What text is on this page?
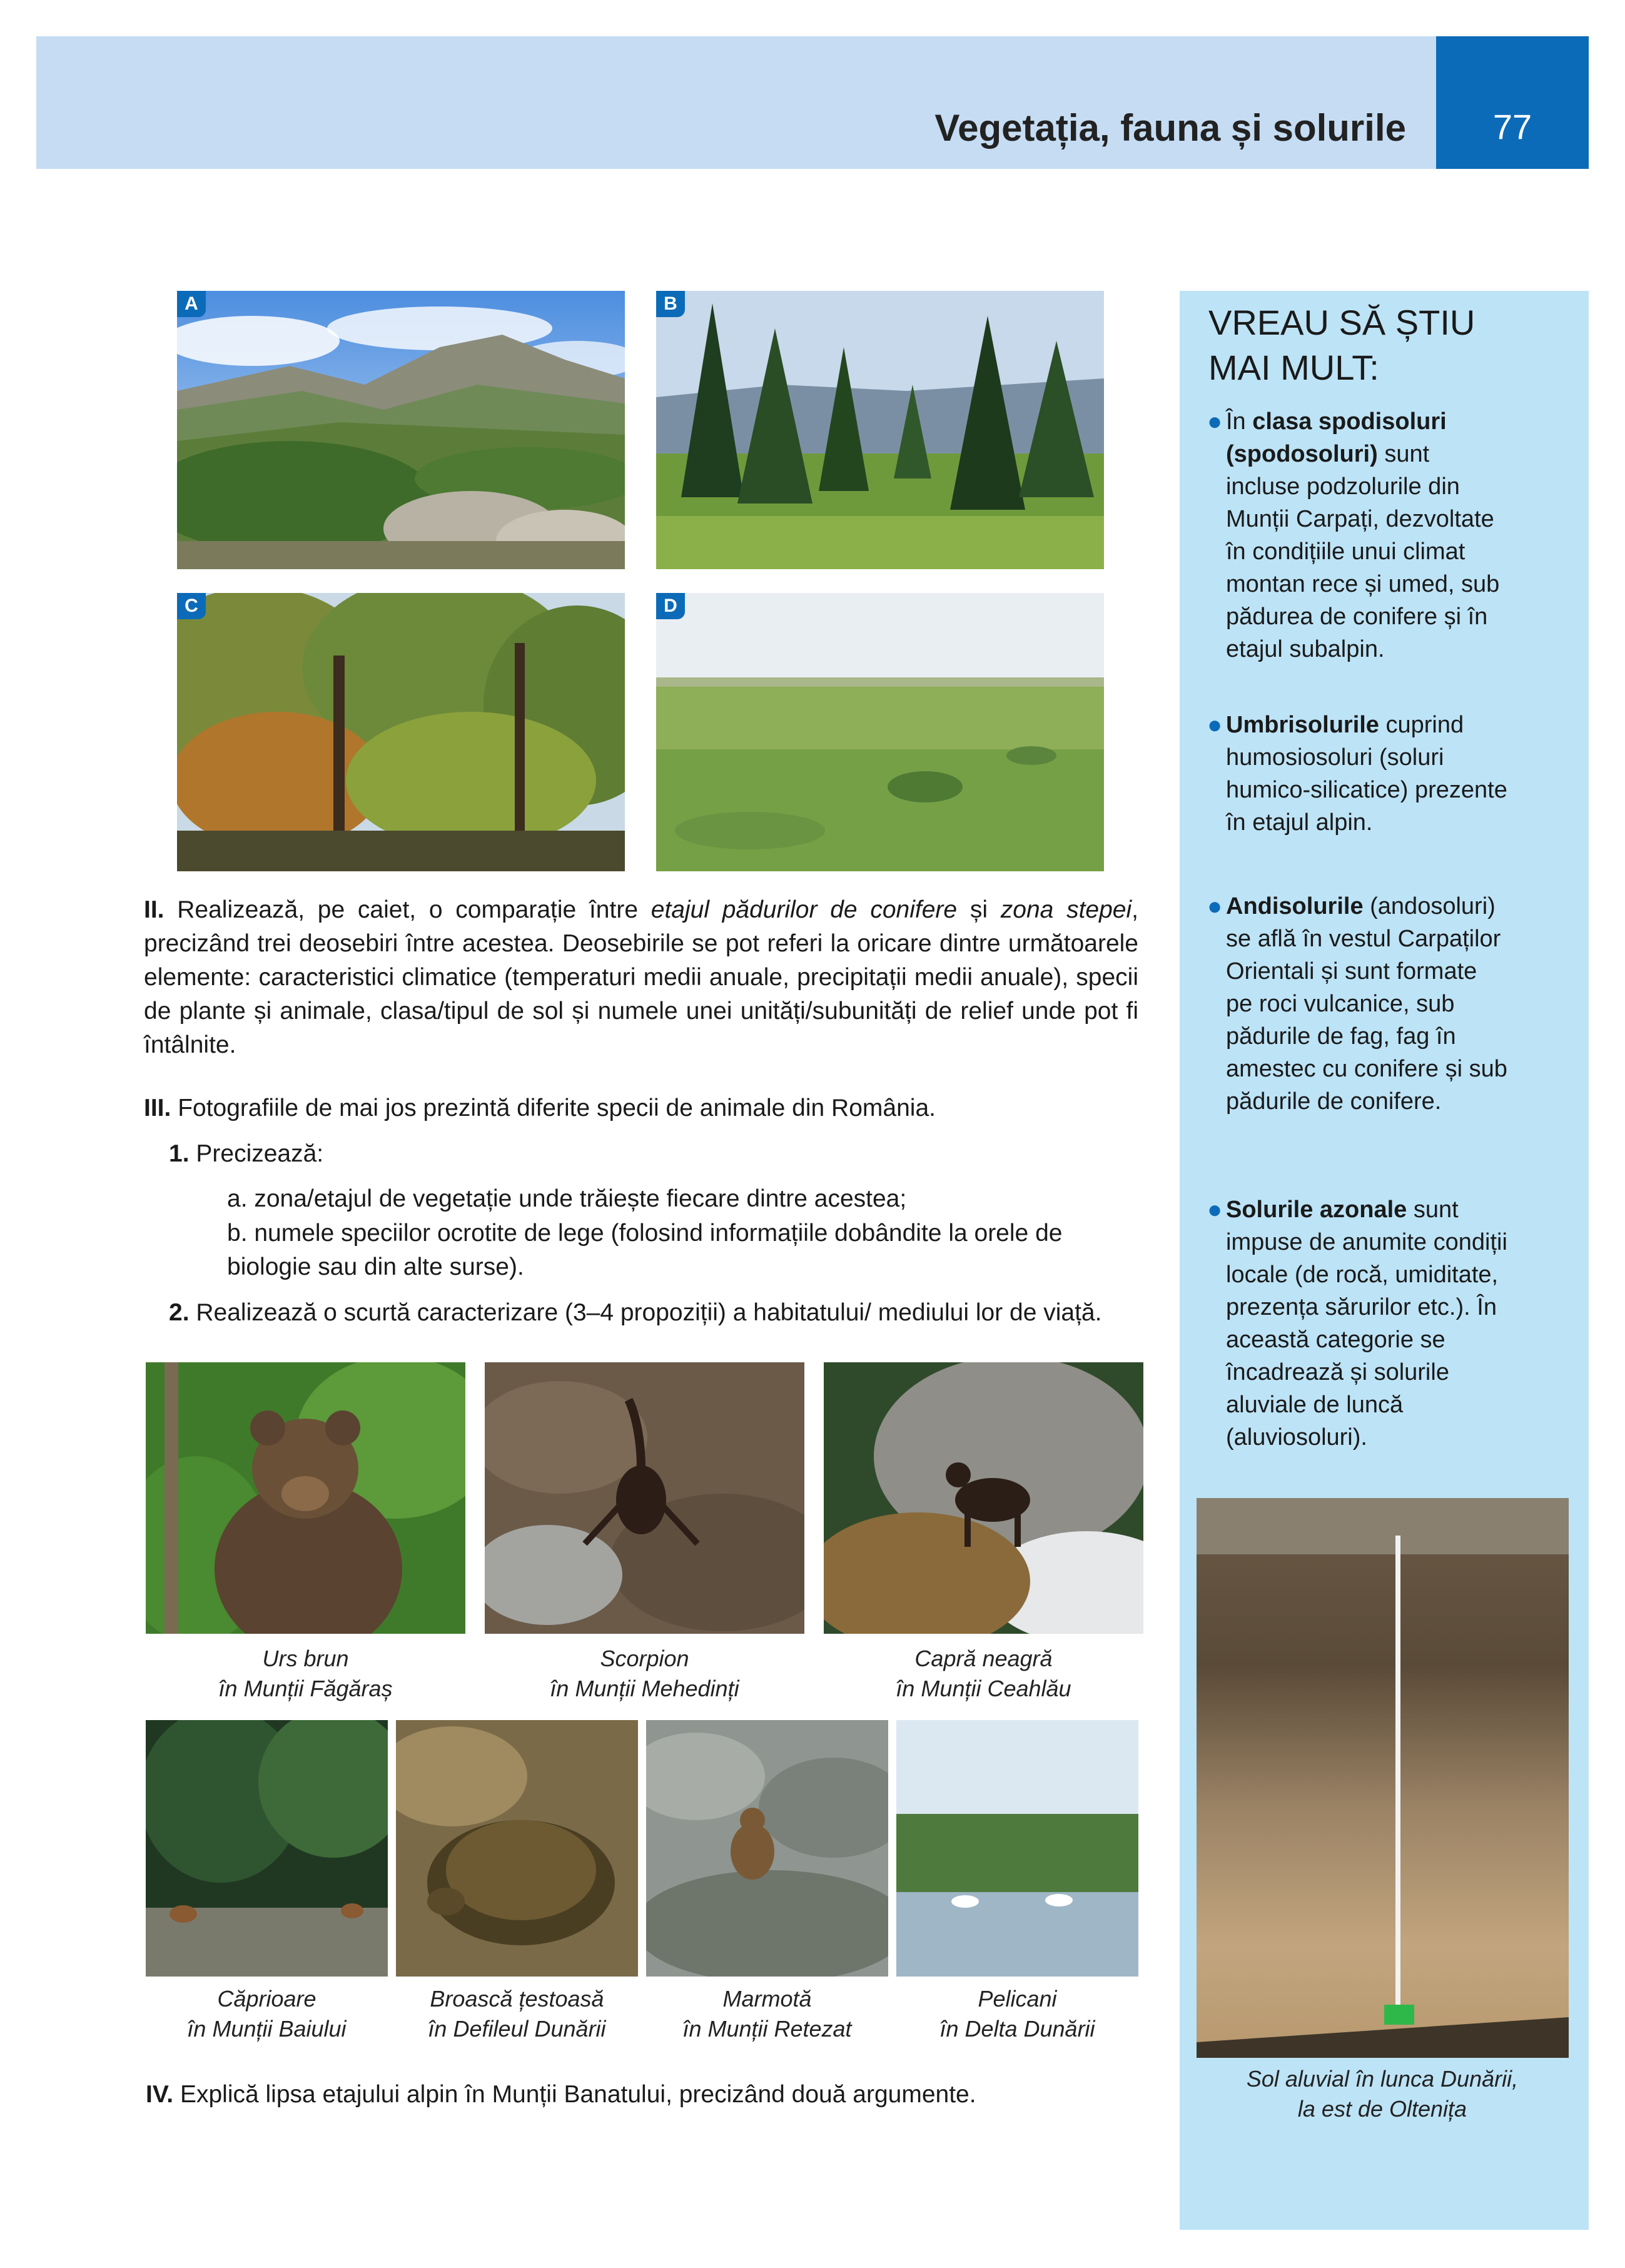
Vegetația, fauna și solurile	77
A	B
C	D
II. Realizează, pe caiet, o comparație între etajul pădurilor de conifere și zona stepei, precizând trei deosebiri între acestea. Deosebirile se pot referi la oricare dintre următoarele elemente: caracteristici climatice (temperaturi medii anuale, precipitații medii anuale), specii de plante și animale, clasa/tipul de sol și numele unei unități/subunități de relief unde pot fi întâlnite.
III. Fotografiile de mai jos prezintă diferite specii de animale din România.
1. Precizează:
a. zona/etajul de vegetație unde trăiește fiecare dintre acestea;
b. numele speciilor ocrotite de lege (folosind informațiile dobândite la orele de biologie sau din alte surse).
2. Realizează o scurtă caracterizare (3–4 propoziții) a habitatului/ mediului lor de viață.
Urs brun
în Munții Făgăraș
Scorpion
în Munții Mehedinți
Capră neagră
în Munții Ceahlău
Căprioare
în Munții Baiului
Broască țestoasă
în Defileul Dunării
Marmotă
în Munții Retezat
Pelicani
în Delta Dunării
IV. Explică lipsa etajului alpin în Munții Banatului, precizând două argumente.
VREAU SĂ ȘTIU
MAI MULT:
● În clasa spodisoluri (spodosoluri) sunt incluse podzolurile din Munții Carpați, dezvoltate în condițiile unui climat montan rece și umed, sub pădurea de conifere și în etajul subalpin.
● Umbrisolurile cuprind humosiosoluri (soluri humico-silicatice) prezente în etajul alpin.
● Andisolurile (andosoluri) se află în vestul Carpaților Orientali și sunt formate pe roci vulcanice, sub pădurile de fag, fag în amestec cu conifere și sub pădurile de conifere.
● Solurile azonale sunt impuse de anumite condiții locale (de rocă, umiditate, prezența sărurilor etc.). În această categorie se încadrează și solurile aluviale de luncă (aluviosoluri).
Sol aluvial în lunca Dunării,
la est de Oltenița
